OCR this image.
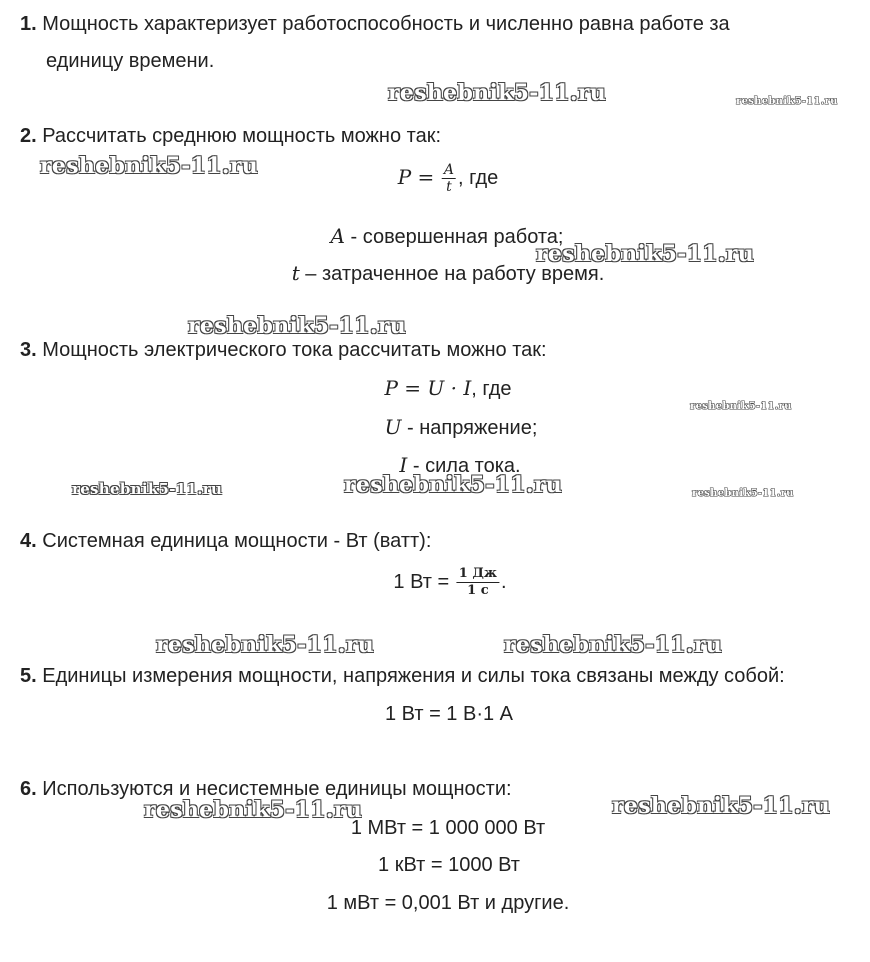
1. Мощность характеризует работоспособность и численно равна работе за
единицу времени.
2. Рассчитать среднюю мощность можно так:
$P = \frac{A}{t}$ , где
A - совершенная работа;
t – затраченное на работу время.
3. Мощность электрического тока рассчитать можно так:
P = U · I, где
U - напряжение;
I - сила тока.
4. Системная единица мощности - Вт (ватт):
1 Вт = $\frac{1 Дж}{1 с}$ .
5. Единицы измерения мощности, напряжения и силы тока связаны между собой:
1 Вт = 1 В·1 А
6. Используются и несистемные единицы мощности:
1 МВт = 1 000 000 Вт
1 кВт = 1000 Вт
1 мВт = 0,001 Вт и другие.
reshebnik5-11.ru	reshebnik5-11.ru
reshebnik5-11.ru
reshebnik5-11.ru
reshebnik5-11.ru
reshebnik5-11.ru
reshebnik5-11.ru	reshebnik5-11.ru	reshebnik5-11.ru
reshebnik5-11.ru	reshebnik5-11.ru
reshebnik5-11.ru	reshebnik5-11.ru
